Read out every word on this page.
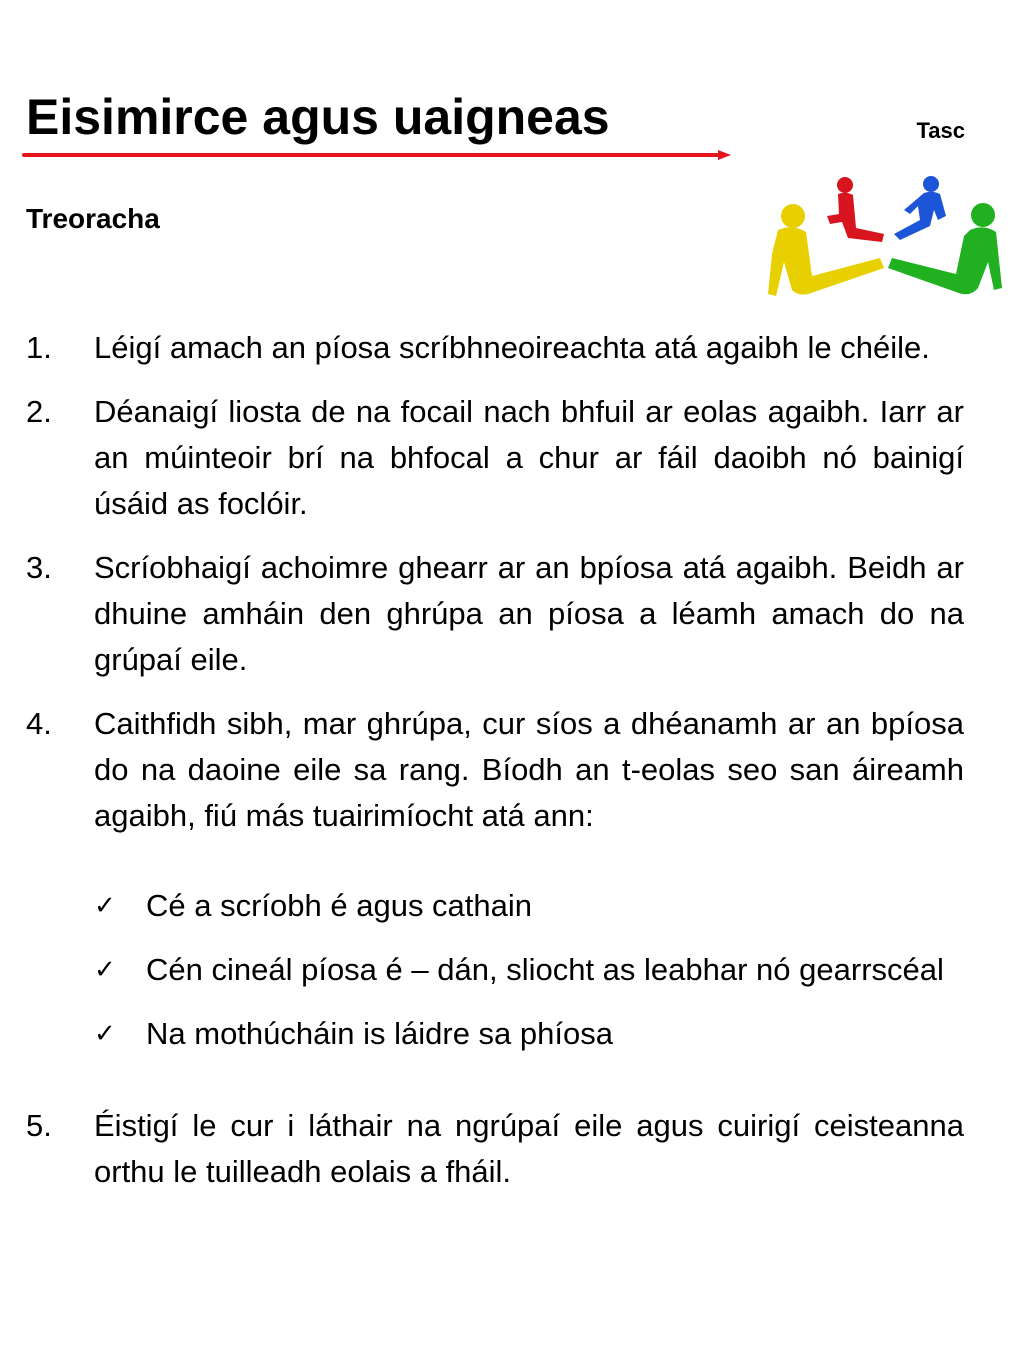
Eisimirce agus uaigneas	Tasc
Treoracha
1.	Léigí amach an píosa scríbhneoireachta atá agaibh le chéile.
2.	Déanaigí liosta de na focail nach bhfuil ar eolas agaibh. Iarr ar an múinteoir brí na bhfocal a chur ar fáil daoibh nó bainigí úsáid as foclóir.
3.	Scríobhaigí achoimre ghearr ar an bpíosa atá agaibh. Beidh ar dhuine amháin den ghrúpa an píosa a léamh amach do na grúpaí eile.
4.	Caithfidh sibh, mar ghrúpa, cur síos a dhéanamh ar an bpíosa do na daoine eile sa rang. Bíodh an t-eolas seo san áireamh agaibh, fiú más tuairimíocht atá ann:
✓ Cé a scríobh é agus cathain
✓ Cén cineál píosa é – dán, sliocht as leabhar nó gearrscéal
✓ Na mothúcháin is láidre sa phíosa
5.	Éistigí le cur i láthair na ngrúpaí eile agus cuirigí ceisteanna orthu le tuilleadh eolais a fháil.
